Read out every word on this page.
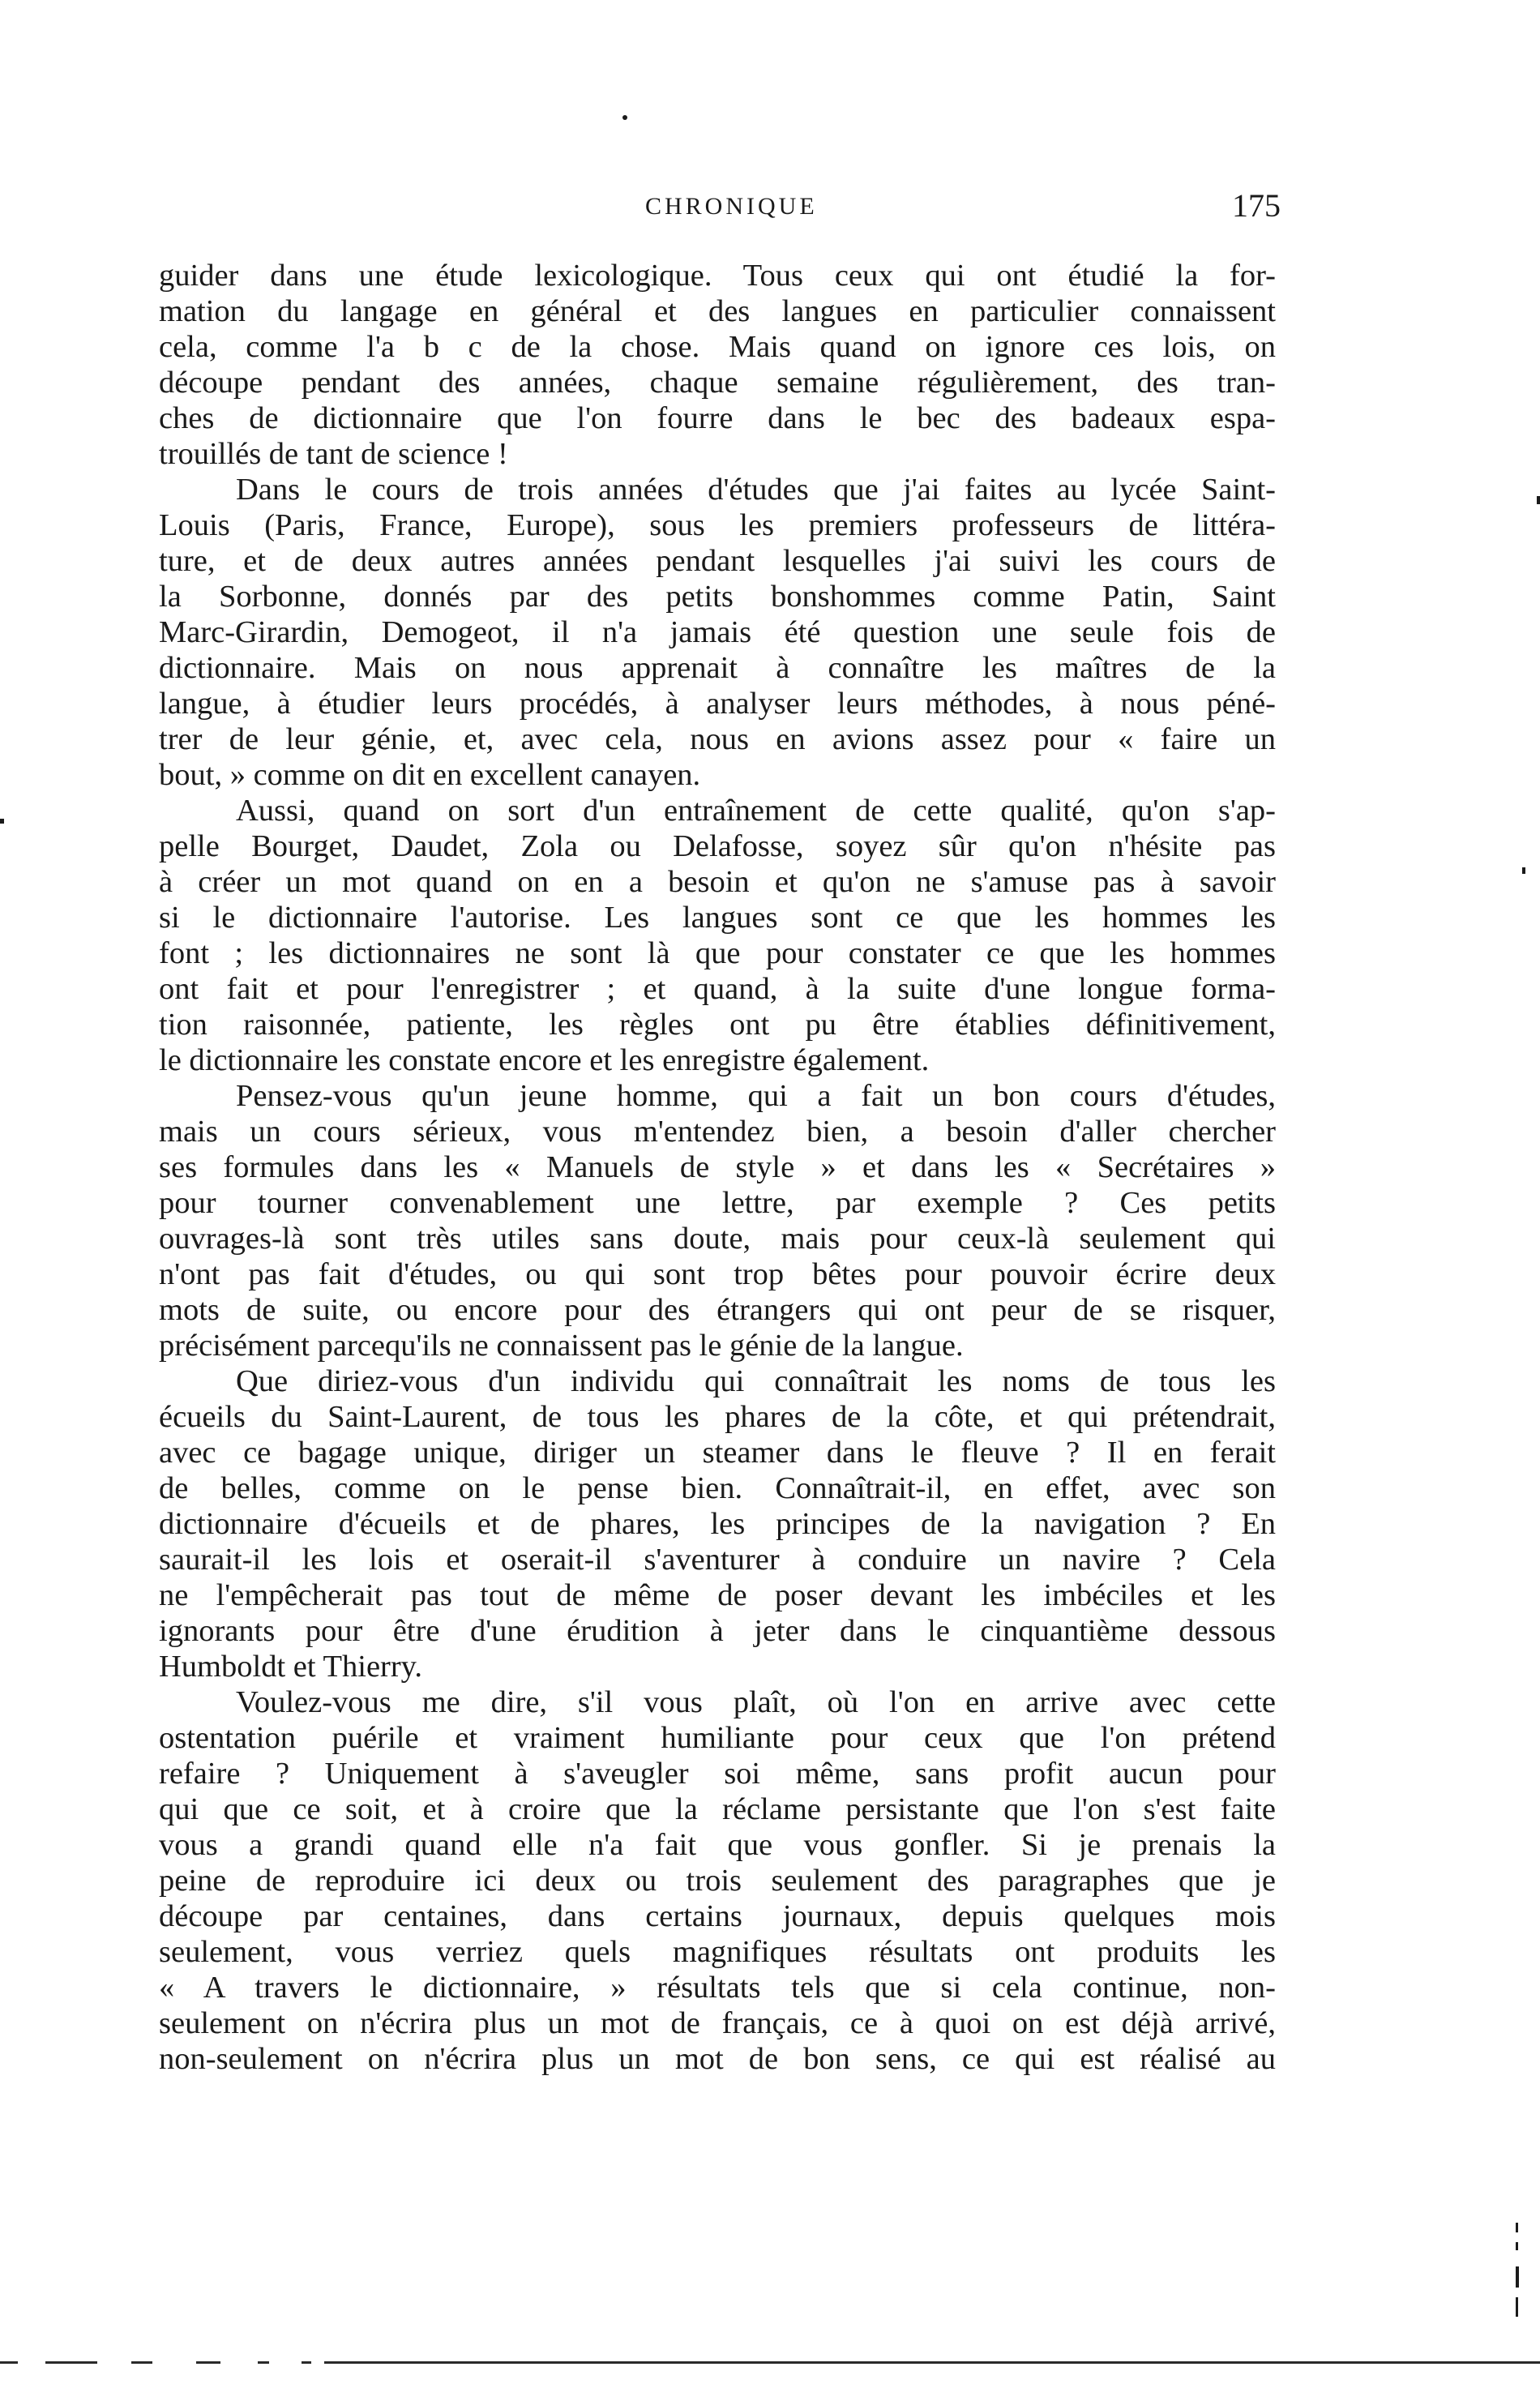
CHRONIQUE	175
guider dans une étude lexicologique. Tous ceux qui ont étudié la for-
mation du langage en général et des langues en particulier connaissent
cela, comme l'a b c de la chose. Mais quand on ignore ces lois, on
découpe pendant des années, chaque semaine régulièrement, des tran-
ches de dictionnaire que l'on fourre dans le bec des badeaux espa-
trouillés de tant de science !
Dans le cours de trois années d'études que j'ai faites au lycée Saint-
Louis (Paris, France, Europe), sous les premiers professeurs de littéra-
ture, et de deux autres années pendant lesquelles j'ai suivi les cours de
la Sorbonne, donnés par des petits bonshommes comme Patin, Saint
Marc-Girardin, Demogeot, il n'a jamais été question une seule fois de
dictionnaire. Mais on nous apprenait à connaître les maîtres de la
langue, à étudier leurs procédés, à analyser leurs méthodes, à nous péné-
trer de leur génie, et, avec cela, nous en avions assez pour « faire un
bout, » comme on dit en excellent canayen.
Aussi, quand on sort d'un entraînement de cette qualité, qu'on s'ap-
pelle Bourget, Daudet, Zola ou Delafosse, soyez sûr qu'on n'hésite pas
à créer un mot quand on en a besoin et qu'on ne s'amuse pas à savoir
si le dictionnaire l'autorise. Les langues sont ce que les hommes les
font ; les dictionnaires ne sont là que pour constater ce que les hommes
ont fait et pour l'enregistrer ; et quand, à la suite d'une longue forma-
tion raisonnée, patiente, les règles ont pu être établies définitivement,
le dictionnaire les constate encore et les enregistre également.
Pensez-vous qu'un jeune homme, qui a fait un bon cours d'études,
mais un cours sérieux, vous m'entendez bien, a besoin d'aller chercher
ses formules dans les « Manuels de style » et dans les « Secrétaires »
pour tourner convenablement une lettre, par exemple ? Ces petits
ouvrages-là sont très utiles sans doute, mais pour ceux-là seulement qui
n'ont pas fait d'études, ou qui sont trop bêtes pour pouvoir écrire deux
mots de suite, ou encore pour des étrangers qui ont peur de se risquer,
précisément parcequ'ils ne connaissent pas le génie de la langue.
Que diriez-vous d'un individu qui connaîtrait les noms de tous les
écueils du Saint-Laurent, de tous les phares de la côte, et qui prétendrait,
avec ce bagage unique, diriger un steamer dans le fleuve ? Il en ferait
de belles, comme on le pense bien. Connaîtrait-il, en effet, avec son
dictionnaire d'écueils et de phares, les principes de la navigation ? En
saurait-il les lois et oserait-il s'aventurer à conduire un navire ? Cela
ne l'empêcherait pas tout de même de poser devant les imbéciles et les
ignorants pour être d'une érudition à jeter dans le cinquantième dessous
Humboldt et Thierry.
Voulez-vous me dire, s'il vous plaît, où l'on en arrive avec cette
ostentation puérile et vraiment humiliante pour ceux que l'on prétend
refaire ? Uniquement à s'aveugler soi même, sans profit aucun pour
qui que ce soit, et à croire que la réclame persistante que l'on s'est faite
vous a grandi quand elle n'a fait que vous gonfler. Si je prenais la
peine de reproduire ici deux ou trois seulement des paragraphes que je
découpe par centaines, dans certains journaux, depuis quelques mois
seulement, vous verriez quels magnifiques résultats ont produits les
« A travers le dictionnaire, » résultats tels que si cela continue, non-
seulement on n'écrira plus un mot de français, ce à quoi on est déjà arrivé,
non-seulement on n'écrira plus un mot de bon sens, ce qui est réalisé au
